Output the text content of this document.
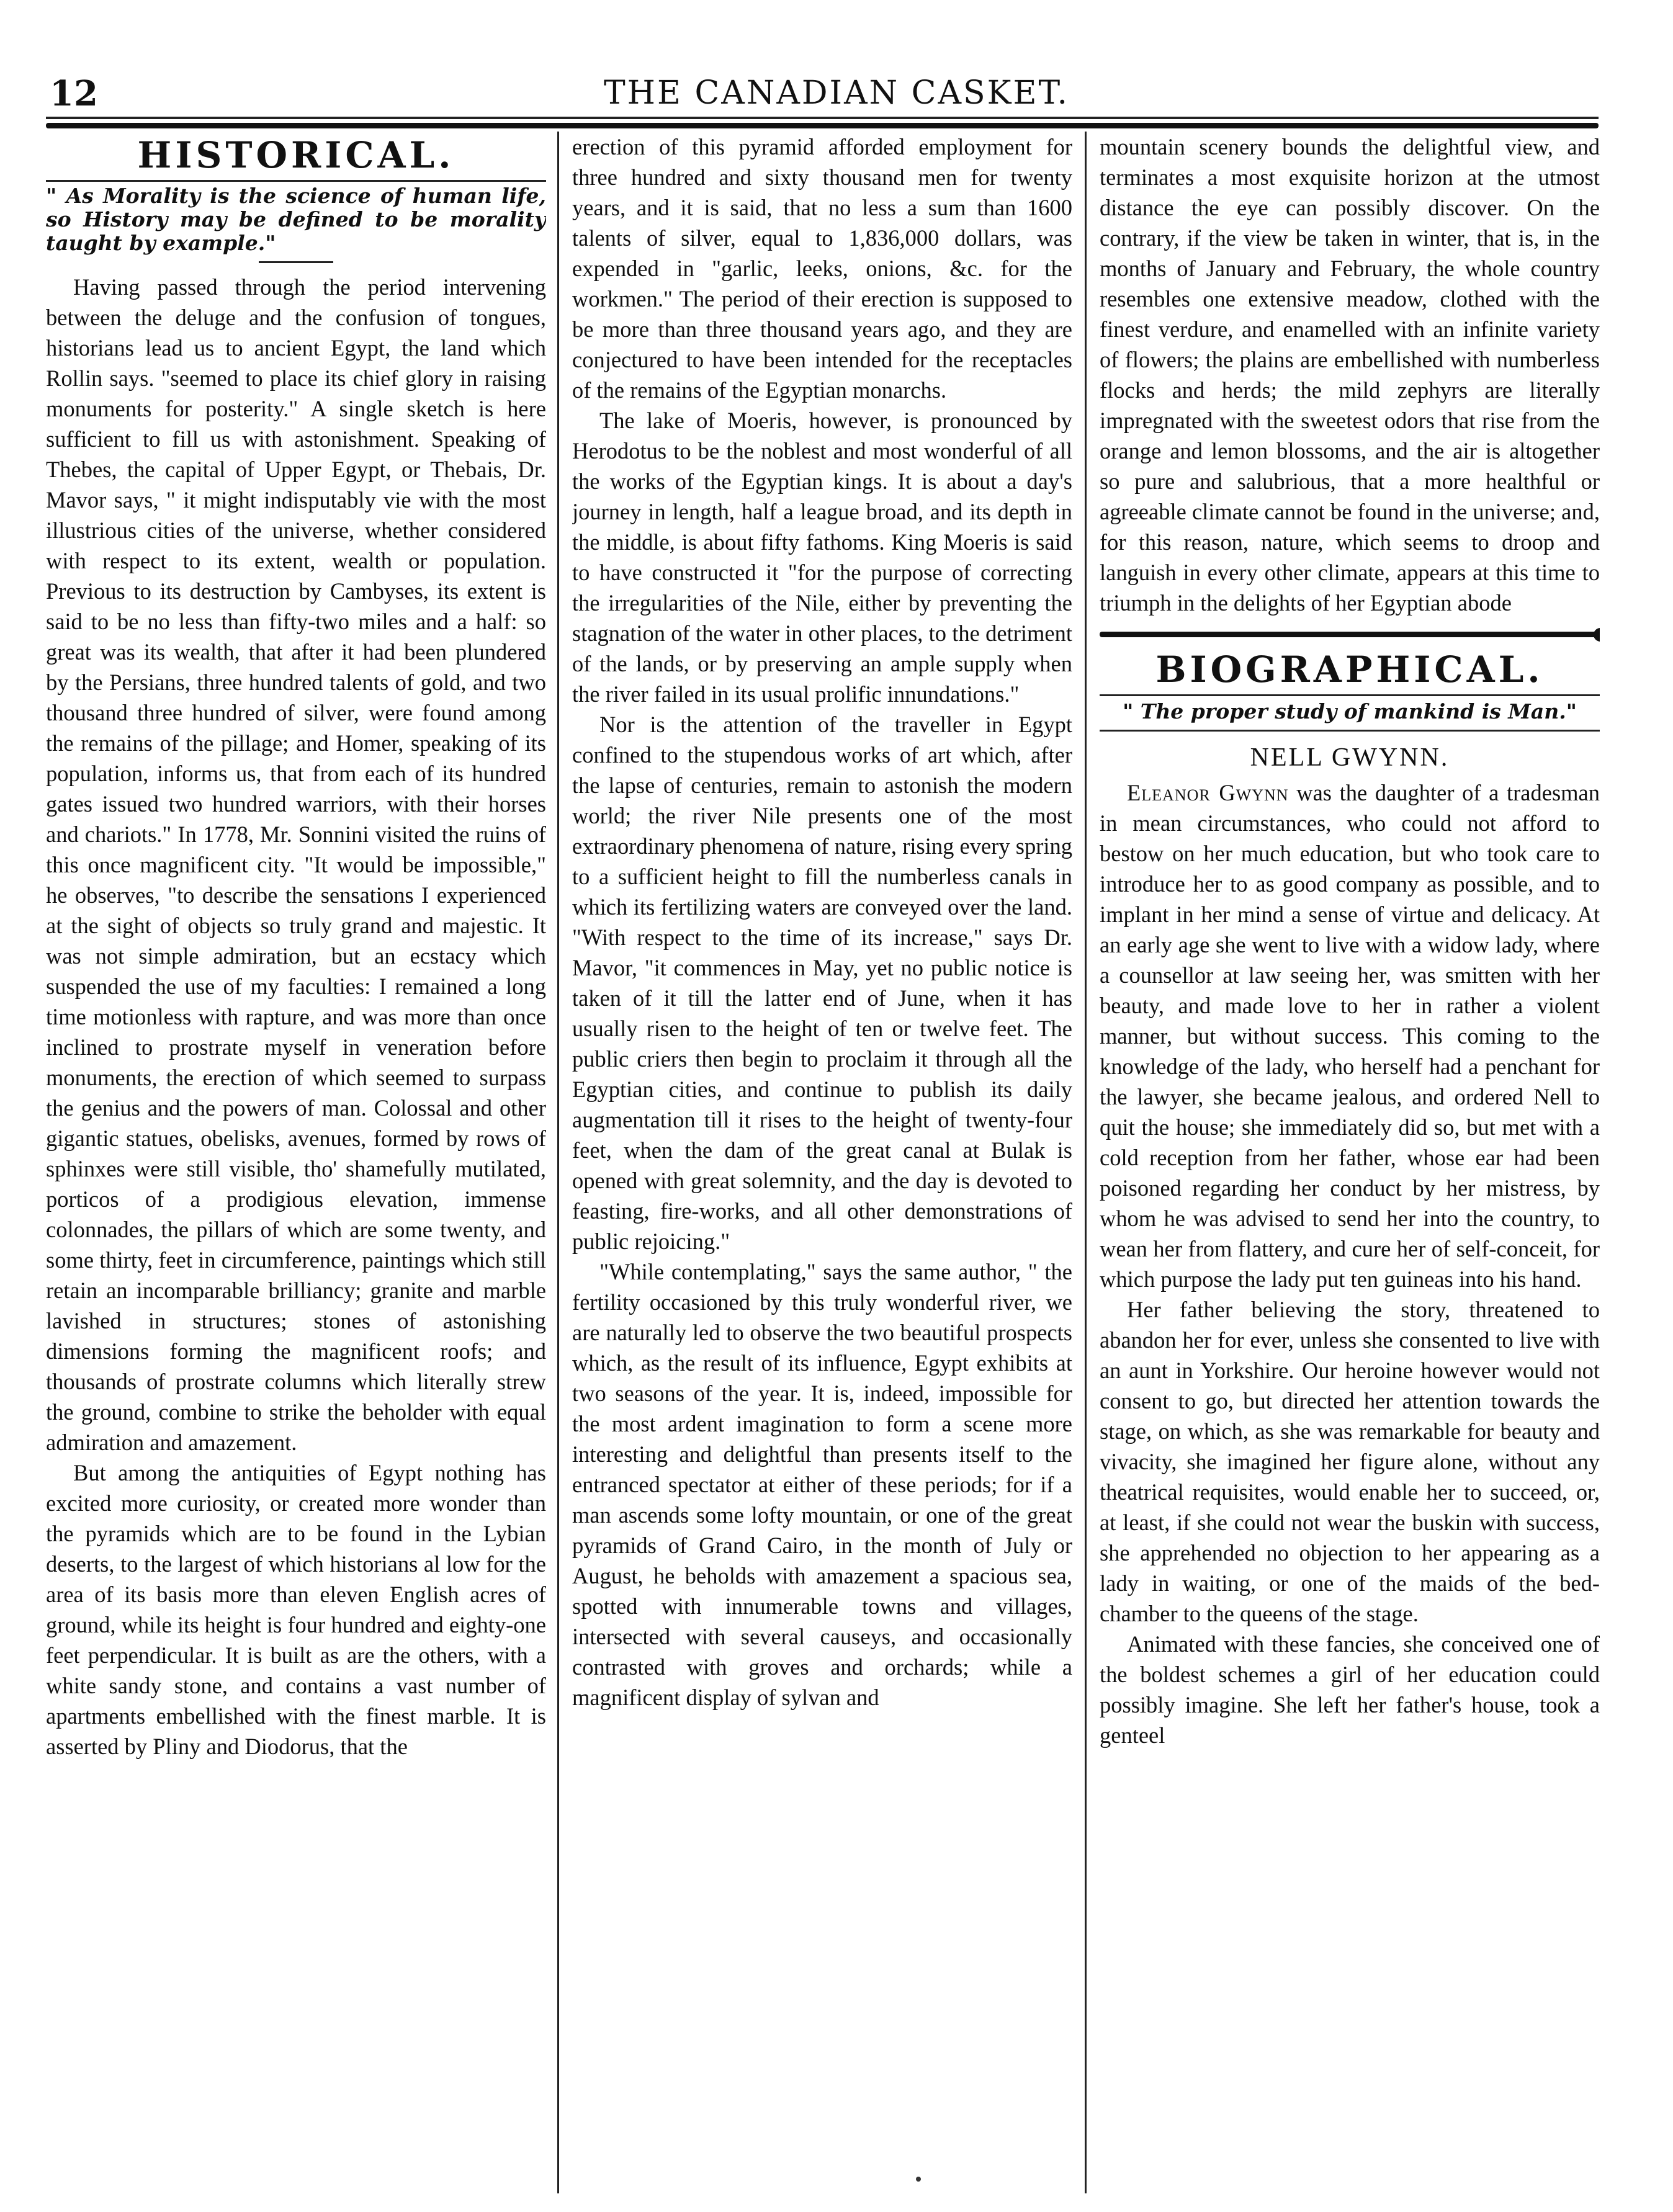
12	THE CANADIAN CASKET.
HISTORICAL.
" As Morality is the science of human life, so History may be defined to be morality taught by example."

Having passed through the period intervening between the deluge and the confusion of tongues, historians lead us to ancient Egypt, the land which Rollin says. "seemed to place its chief glory in raising monuments for posterity." A single sketch is here sufficient to fill us with astonishment. Speaking of Thebes, the capital of Upper Egypt, or Thebais, Dr. Mavor says, " it might indisputably vie with the most illustrious cities of the universe, whether considered with respect to its extent, wealth or population. Previous to its destruction by Cambyses, its extent is said to be no less than fifty-two miles and a half: so great was its wealth, that after it had been plundered by the Persians, three hundred talents of gold, and two thousand three hundred of silver, were found among the remains of the pillage; and Homer, speaking of its population, informs us, that from each of its hundred gates issued two hundred warriors, with their horses and chariots." In 1778, Mr. Sonnini visited the ruins of this once magnificent city. "It would be impossible," he observes, "to describe the sensations I experienced at the sight of objects so truly grand and majestic. It was not simple admiration, but an ecstacy which suspended the use of my faculties: I remained a long time motionless with rapture, and was more than once inclined to prostrate myself in veneration before monuments, the erection of which seemed to surpass the genius and the powers of man. Colossal and other gigantic statues, obelisks, avenues, formed by rows of sphinxes were still visible, tho' shamefully mutilated, porticos of a prodigious elevation, immense colonnades, the pillars of which are some twenty, and some thirty, feet in circumference, paintings which still retain an incomparable brilliancy; granite and marble lavished in structures; stones of astonishing dimensions forming the magnificent roofs; and thousands of prostrate columns which literally strew the ground, combine to strike the beholder with equal admiration and amazement.

But among the antiquities of Egypt nothing has excited more curiosity, or created more wonder than the pyramids which are to be found in the Lybian deserts, to the largest of which historians al low for the area of its basis more than eleven English acres of ground, while its height is four hundred and eighty-one feet perpendicular. It is built as are the others, with a white sandy stone, and contains a vast number of apartments embellished with the finest marble. It is asserted by Pliny and Diodorus, that the

erection of this pyramid afforded employment for three hundred and sixty thousand men for twenty years, and it is said, that no less a sum than 1600 talents of silver, equal to 1,836,000 dollars, was expended in "garlic, leeks, onions, &c. for the workmen." The period of their erection is supposed to be more than three thousand years ago, and they are conjectured to have been intended for the receptacles of the remains of the Egyptian monarchs.

The lake of Moeris, however, is pronounced by Herodotus to be the noblest and most wonderful of all the works of the Egyptian kings. It is about a day's journey in length, half a league broad, and its depth in the middle, is about fifty fathoms. King Moeris is said to have constructed it "for the purpose of correcting the irregularities of the Nile, either by preventing the stagnation of the water in other places, to the detriment of the lands, or by preserving an ample supply when the river failed in its usual prolific innundations."

Nor is the attention of the traveller in Egypt confined to the stupendous works of art which, after the lapse of centuries, remain to astonish the modern world; the river Nile presents one of the most extraordinary phenomena of nature, rising every spring to a sufficient height to fill the numberless canals in which its fertilizing waters are conveyed over the land. "With respect to the time of its increase," says Dr. Mavor, "it commences in May, yet no public notice is taken of it till the latter end of June, when it has usually risen to the height of ten or twelve feet. The public criers then begin to proclaim it through all the Egyptian cities, and continue to publish its daily augmentation till it rises to the height of twenty-four feet, when the dam of the great canal at Bulak is opened with great solemnity, and the day is devoted to feasting, fire-works, and all other demonstrations of public rejoicing."

"While contemplating," says the same author, " the fertility occasioned by this truly wonderful river, we are naturally led to observe the two beautiful prospects which, as the result of its influence, Egypt exhibits at two seasons of the year. It is, indeed, impossible for the most ardent imagination to form a scene more interesting and delightful than presents itself to the entranced spectator at either of these periods; for if a man ascends some lofty mountain, or one of the great pyramids of Grand Cairo, in the month of July or August, he beholds with amazement a spacious sea, spotted with innumerable towns and villages, intersected with several causeys, and occasionally contrasted with groves and orchards; while a magnificent display of sylvan and

mountain scenery bounds the delightful view, and terminates a most exquisite horizon at the utmost distance the eye can possibly discover. On the contrary, if the view be taken in winter, that is, in the months of January and February, the whole country resembles one extensive meadow, clothed with the finest verdure, and enamelled with an infinite variety of flowers; the plains are embellished with numberless flocks and herds; the mild zephyrs are literally impregnated with the sweetest odors that rise from the orange and lemon blossoms, and the air is altogether so pure and salubrious, that a more healthful or agreeable climate cannot be found in the universe; and, for this reason, nature, which seems to droop and languish in every other climate, appears at this time to triumph in the delights of her Egyptian abode

BIOGRAPHICAL.
" The proper study of mankind is Man."
NELL GWYNN.

Eleanor Gwynn was the daughter of a tradesman in mean circumstances, who could not afford to bestow on her much education, but who took care to introduce her to as good company as possible, and to implant in her mind a sense of virtue and delicacy. At an early age she went to live with a widow lady, where a counsellor at law seeing her, was smitten with her beauty, and made love to her in rather a violent manner, but without success. This coming to the knowledge of the lady, who herself had a penchant for the lawyer, she became jealous, and ordered Nell to quit the house; she immediately did so, but met with a cold reception from her father, whose ear had been poisoned regarding her conduct by her mistress, by whom he was advised to send her into the country, to wean her from flattery, and cure her of self-conceit, for which purpose the lady put ten guineas into his hand.

Her father believing the story, threatened to abandon her for ever, unless she consented to live with an aunt in Yorkshire. Our heroine however would not consent to go, but directed her attention towards the stage, on which, as she was remarkable for beauty and vivacity, she imagined her figure alone, without any theatrical requisites, would enable her to succeed, or, at least, if she could not wear the buskin with success, she apprehended no objection to her appearing as a lady in waiting, or one of the maids of the bed-chamber to the queens of the stage.

Animated with these fancies, she conceived one of the boldest schemes a girl of her education could possibly imagine. She left her father's house, took a genteel
